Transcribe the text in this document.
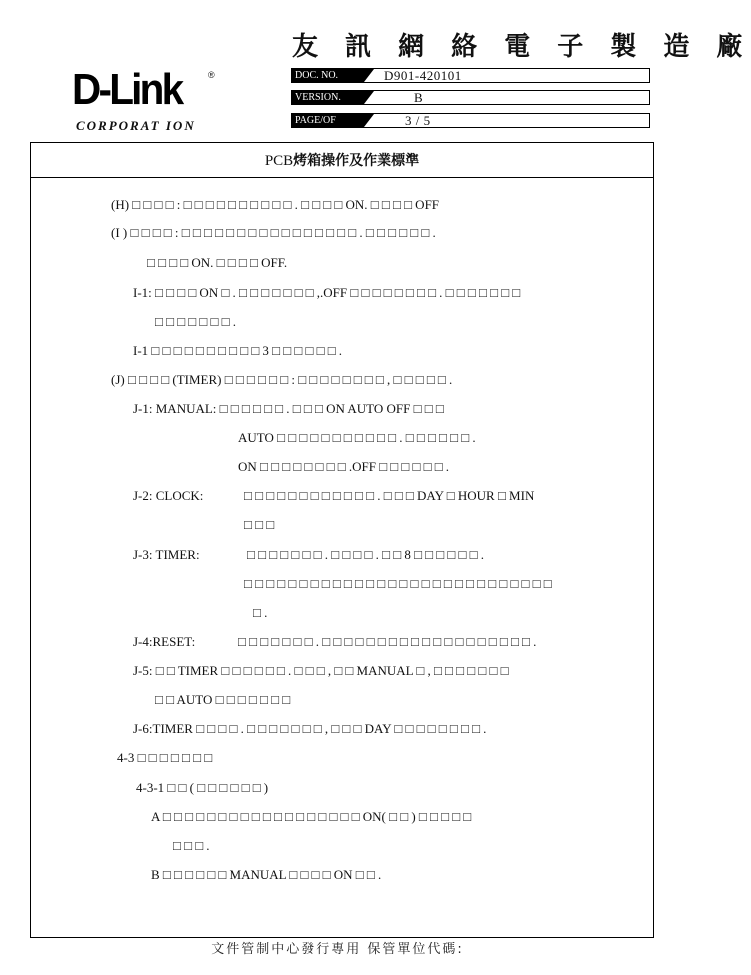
友 訊 網 絡 電 子 製 造 廠
D-Link	®
CORPORAT ION
DOC. NO.	D901-420101
VERSION.	B
PAGE/OF	3 / 5
PCB烤箱操作及作業標準
(H) □ □ □ □ : □ □ □ □ □ □ □ □ □ □ . □ □ □ □ ON. □ □ □ □ OFF
(I ) □ □ □ □ : □ □ □ □ □ □ □ □ □ □ □ □ □ □ □ □ . □ □ □ □ □ □ .
□ □ □ □ ON. □ □ □ □ OFF.
I-1: □ □ □ □ ON □ . □ □ □ □ □ □ □ ,.OFF □ □ □ □ □ □ □ □ . □ □ □ □ □ □ □
□ □ □ □ □ □ □ .
I-1 □ □ □ □ □ □ □ □ □ □ 3 □ □ □ □ □ □ .
(J) □ □ □ □ (TIMER) □ □ □ □ □ □ : □ □ □ □ □ □ □ □ , □ □ □ □ □ .
J-1: MANUAL: □ □ □ □ □ □ . □ □ □ ON AUTO OFF □ □ □
AUTO □ □ □ □ □ □ □ □ □ □ □ . □ □ □ □ □ □ .
ON □ □ □ □ □ □ □ □ .OFF □ □ □ □ □ □ .
J-2: CLOCK:	□ □ □ □ □ □ □ □ □ □ □ □ . □ □ □ DAY □ HOUR □ MIN
□ □ □
J-3: TIMER:	□ □ □ □ □ □ □ . □ □ □ □ . □ □ 8 □ □ □ □ □ □ .
□ □ □ □ □ □ □ □ □ □ □ □ □ □ □ □ □ □ □ □ □ □ □ □ □ □ □ □
□ .
J-4:RESET:	□ □ □ □ □ □ □ . □ □ □ □ □ □ □ □ □ □ □ □ □ □ □ □ □ □ □ .
J-5: □ □ TIMER □ □ □ □ □ □ . □ □ □ , □ □ MANUAL □ , □ □ □ □ □ □ □
□ □ AUTO □ □ □ □ □ □ □
J-6:TIMER □ □ □ □ . □ □ □ □ □ □ □ , □ □ □ DAY □ □ □ □ □ □ □ □ .
4-3 □ □ □ □ □ □ □
4-3-1 □ □ ( □ □ □ □ □ □ )
A □ □ □ □ □ □ □ □ □ □ □ □ □ □ □ □ □ □ ON( □ □ ) □ □ □ □ □
□ □ □ .
B □ □ □ □ □ □ MANUAL □ □ □ □ ON □ □ .
文件管制中心發行專用 保管單位代碼:
